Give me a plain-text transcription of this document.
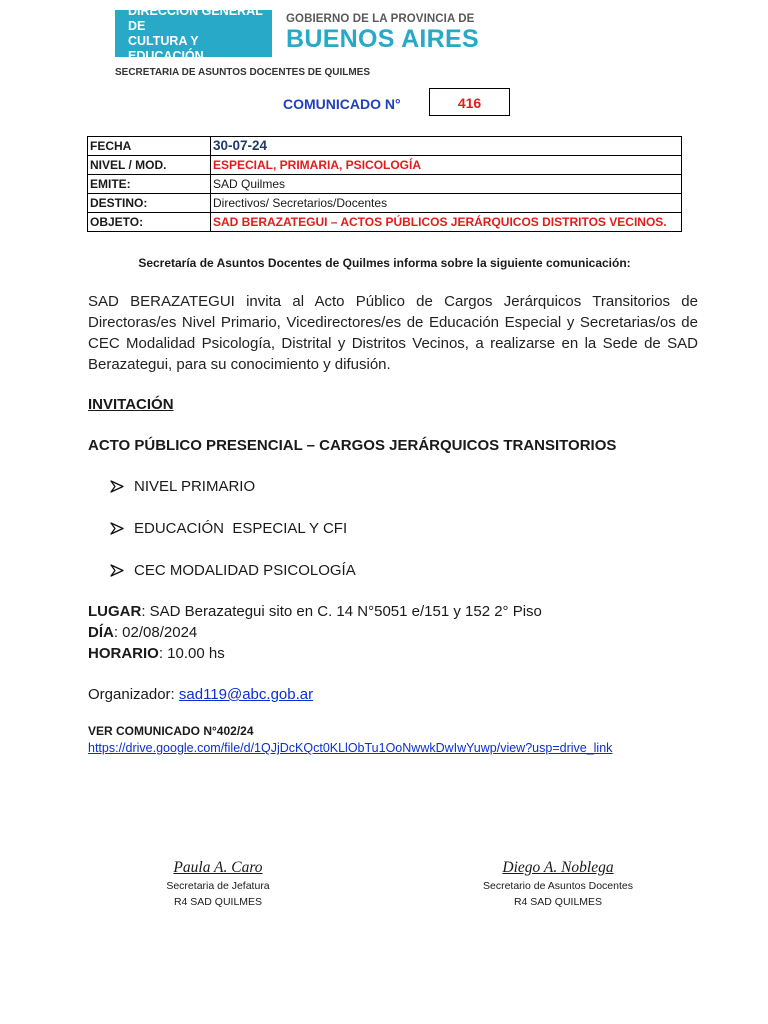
DIRECCIÓN GENERAL DE
CULTURA Y EDUCACIÓN
GOBIERNO DE LA PROVINCIA DE
BUENOS AIRES
SECRETARIA DE ASUNTOS DOCENTES DE QUILMES
COMUNICADO N°	416
FECHA	30-07-24
NIVEL / MOD.	ESPECIAL, PRIMARIA, PSICOLOGÍA
EMITE:	SAD Quilmes
DESTINO:	Directivos/ Secretarios/Docentes
OBJETO:	SAD BERAZATEGUI – ACTOS PÚBLICOS JERÁRQUICOS DISTRITOS VECINOS.
Secretaría de Asuntos Docentes de Quilmes informa sobre la siguiente comunicación:
SAD BERAZATEGUI invita al Acto Público de Cargos Jerárquicos Transitorios de Directoras/es Nivel Primario, Vicedirectores/es de Educación Especial y Secretarias/os de CEC Modalidad Psicología, Distrital y Distritos Vecinos, a realizarse en la Sede de SAD Berazategui, para su conocimiento y difusión.
INVITACIÓN
ACTO PÚBLICO PRESENCIAL – CARGOS JERÁRQUICOS TRANSITORIOS
NIVEL PRIMARIO
EDUCACIÓN  ESPECIAL Y CFI
CEC MODALIDAD PSICOLOGÍA
LUGAR: SAD Berazategui sito en C. 14 N°5051 e/151 y 152 2° Piso
DÍA: 02/08/2024
HORARIO: 10.00 hs
Organizador: sad119@abc.gob.ar
VER COMUNICADO N°402/24
https://drive.google.com/file/d/1QJjDcKQct0KLlObTu1OoNwwkDwIwYuwp/view?usp=drive_link
Paula A. Caro
Secretaria de Jefatura
R4 SAD QUILMES
Diego A. Noblega
Secretario de Asuntos Docentes
R4 SAD QUILMES
